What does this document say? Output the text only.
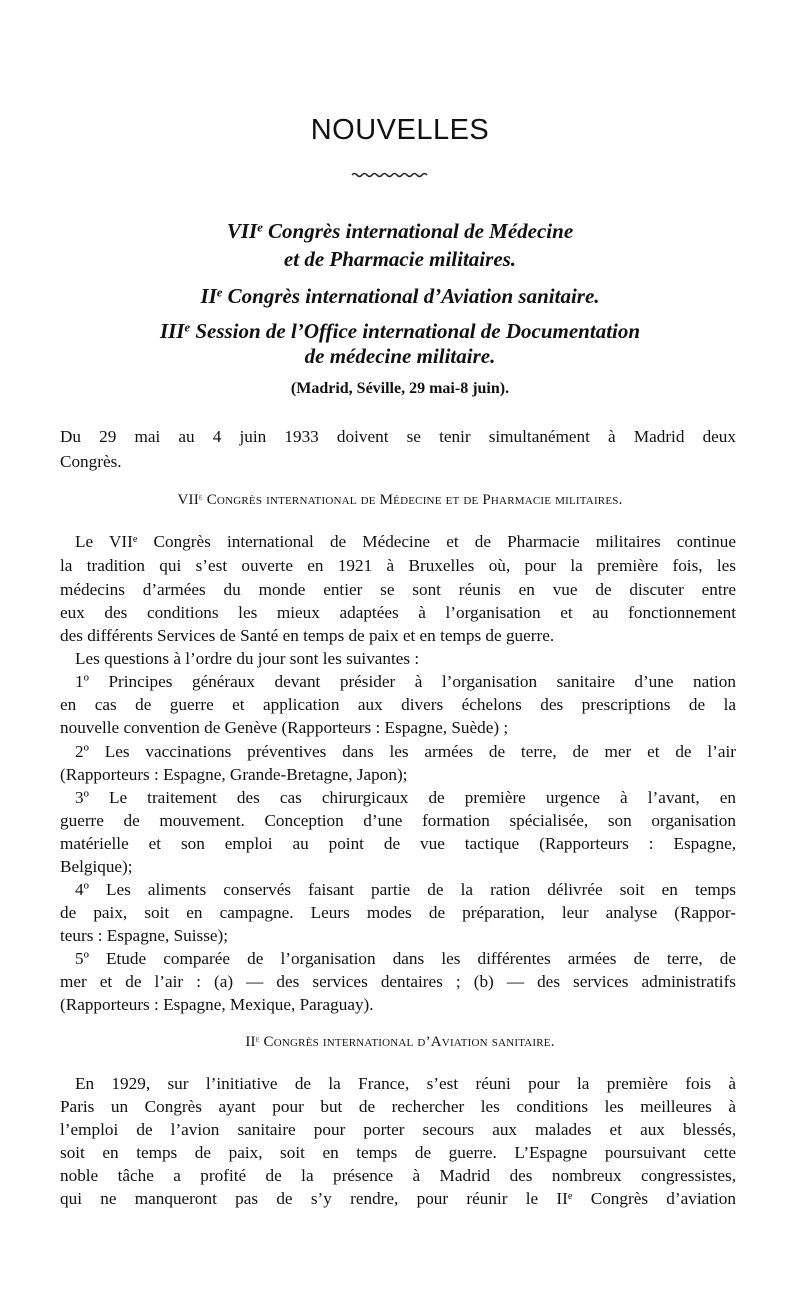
NOUVELLES
VIIe Congrès international de Médecine
et de Pharmacie militaires.
IIe Congrès international d’Aviation sanitaire.
IIIe Session de l’Office international de Documentation
de médecine militaire.
(Madrid, Séville, 29 mai-8 juin).
Du 29 mai au 4 juin 1933 doivent se tenir simultanément à Madrid deux
Congrès.
VIIe Congrès international de Médecine et de Pharmacie militaires.
Le VIIe Congrès international de Médecine et de Pharmacie militaires continue
la tradition qui s’est ouverte en 1921 à Bruxelles où, pour la première fois, les
médecins d’armées du monde entier se sont réunis en vue de discuter entre
eux des conditions les mieux adaptées à l’organisation et au fonctionnement
des différents Services de Santé en temps de paix et en temps de guerre.
Les questions à l’ordre du jour sont les suivantes :
1º Principes généraux devant présider à l’organisation sanitaire d’une nation
en cas de guerre et application aux divers échelons des prescriptions de la
nouvelle convention de Genève (Rapporteurs : Espagne, Suède) ;
2º Les vaccinations préventives dans les armées de terre, de mer et de l’air
(Rapporteurs : Espagne, Grande-Bretagne, Japon);
3º Le traitement des cas chirurgicaux de première urgence à l’avant, en
guerre de mouvement. Conception d’une formation spécialisée, son organisation
matérielle et son emploi au point de vue tactique (Rapporteurs : Espagne,
Belgique);
4º Les aliments conservés faisant partie de la ration délivrée soit en temps
de paix, soit en campagne. Leurs modes de préparation, leur analyse (Rappor-
teurs : Espagne, Suisse);
5º Etude comparée de l’organisation dans les différentes armées de terre, de
mer et de l’air : (a) — des services dentaires ; (b) — des services administratifs
(Rapporteurs : Espagne, Mexique, Paraguay).
IIe Congrès international d’Aviation sanitaire.
En 1929, sur l’initiative de la France, s’est réuni pour la première fois à
Paris un Congrès ayant pour but de rechercher les conditions les meilleures à
l’emploi de l’avion sanitaire pour porter secours aux malades et aux blessés,
soit en temps de paix, soit en temps de guerre. L’Espagne poursuivant cette
noble tâche a profité de la présence à Madrid des nombreux congressistes,
qui ne manqueront pas de s’y rendre, pour réunir le IIe Congrès d’aviation
